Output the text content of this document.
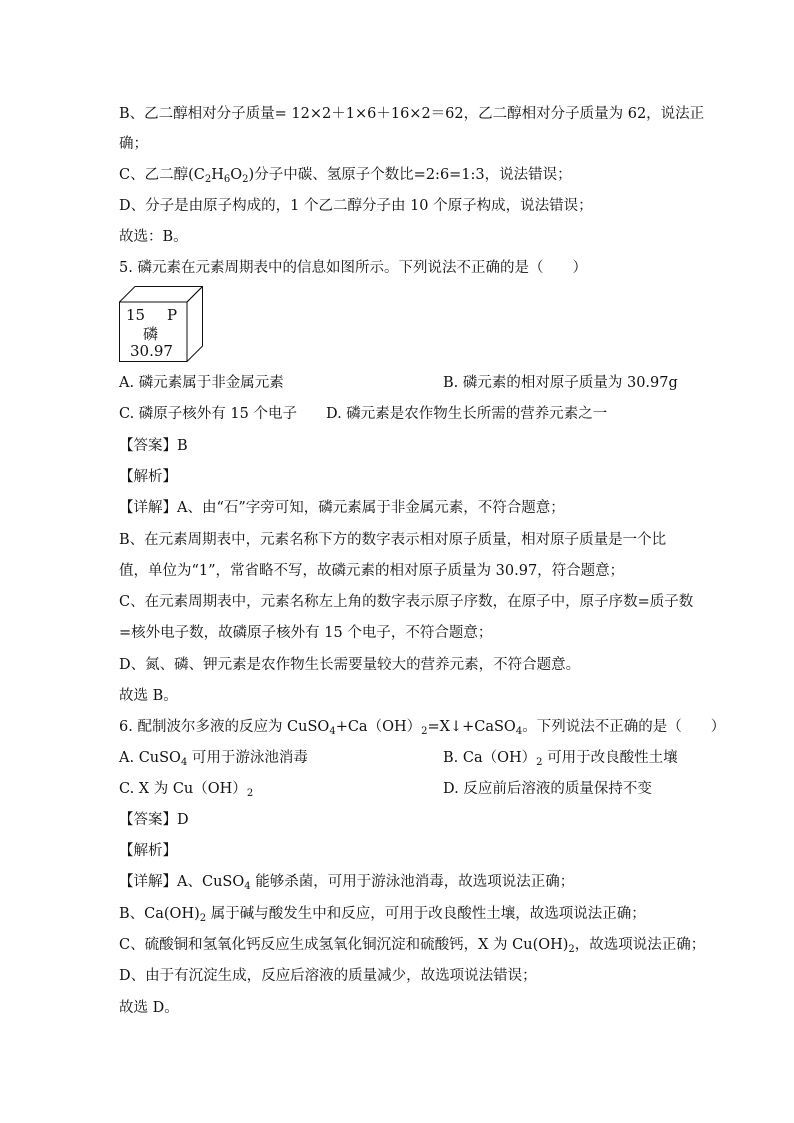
B、乙二醇相对分子质量= 12×2＋1×6＋16×2＝62，乙二醇相对分子质量为 62，说法正
确；
C、乙二醇$(C_2H_6O_2)$分子中碳、氢原子个数比=2:6=1:3，说法错误；
D、分子是由原子构成的，1 个乙二醇分子由 10 个原子构成，说法错误；
故选：B。
5. 磷元素在元素周期表中的信息如图所示。下列说法不正确的是（　　）
15 P
磷
30.97
A. 磷元素属于非金属元素	B. 磷元素的相对原子质量为 30.97g
C. 磷原子核外有 15 个电子　　D. 磷元素是农作物生长所需的营养元素之一
【答案】B
【解析】
【详解】A、由“石”字旁可知，磷元素属于非金属元素，不符合题意；
B、在元素周期表中，元素名称下方的数字表示相对原子质量，相对原子质量是一个比
值，单位为“1”，常省略不写，故磷元素的相对原子质量为 30.97，符合题意；
C、在元素周期表中，元素名称左上角的数字表示原子序数，在原子中，原子序数=质子数
=核外电子数，故磷原子核外有 15 个电子，不符合题意；
D、氮、磷、钾元素是农作物生长需要量较大的营养元素，不符合题意。
故选 B。
6. 配制波尔多液的反应为 $CuSO_4+Ca(OH)_2=X↓+CaSO_4$。下列说法不正确的是（　　）
A. CuSO$_4$ 可用于游泳池消毒	B. $Ca(OH)_2$ 可用于改良酸性土壤
C. X 为 $Cu(OH)_2$	D. 反应前后溶液的质量保持不变
【答案】D
【解析】
【详解】A、CuSO$_4$ 能够杀菌，可用于游泳池消毒，故选项说法正确；
B、$Ca(OH)_2$ 属于碱与酸发生中和反应，可用于改良酸性土壤，故选项说法正确；
C、硫酸铜和氢氧化钙反应生成氢氧化铜沉淀和硫酸钙，X 为 $Cu(OH)_2$，故选项说法正确；
D、由于有沉淀生成，反应后溶液的质量减少，故选项说法错误；
故选 D。
